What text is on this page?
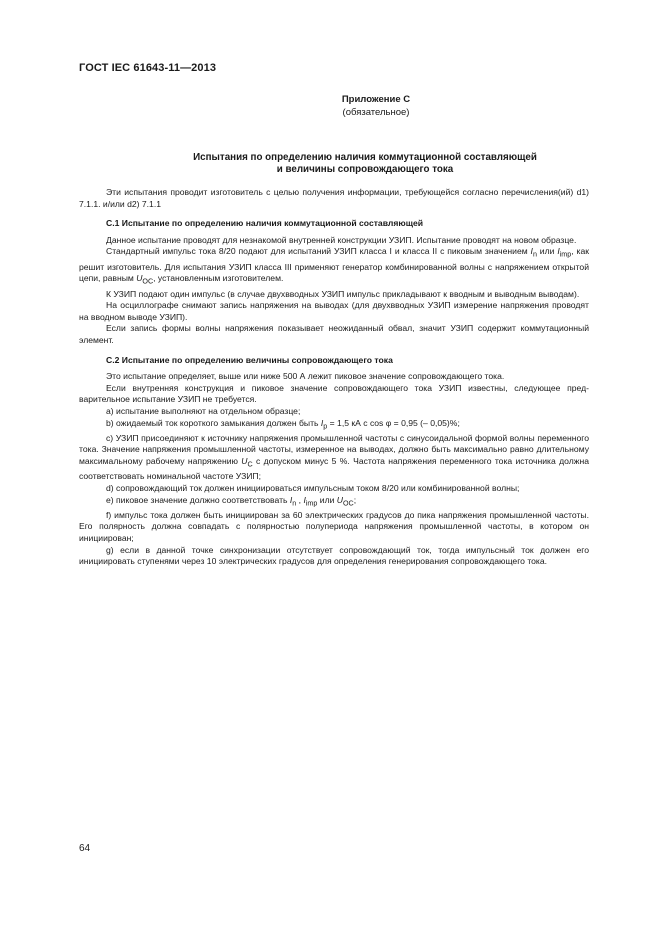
ГОСТ IEC 61643-11—2013
Приложение С
(обязательное)
Испытания по определению наличия коммутационной составляющей
и величины сопровождающего тока

Эти испытания проводит изготовитель с целью получения информации, требующейся согласно перечисления(ий) d1) 7.1.1. и/или d2) 7.1.1

С.1 Испытание по определению наличия коммутационной составляющей

Данное испытание проводят для незнакомой внутренней конструкции УЗИП. Испытание проводят на новом образце.

Стандартный импульс тока 8/20 подают для испытаний УЗИП класса I и класса II с пиковым значением $I_n$ или $I_{imp}$, как решит изготовитель. Для испытания УЗИП класса III применяют генератор комбинированной волны с напряжением открытой цепи, равным $U_{OC}$, установленным изготовителем.

К УЗИП подают один импульс (в случае двухвводных УЗИП импульс прикладывают к вводным и выводным выводам).

На осциллографе снимают запись напряжения на выводах (для двухвводных УЗИП измерение напряжения проводят на вводном выводе УЗИП).

Если запись формы волны напряжения показывает неожиданный обвал, значит УЗИП содержит коммутационный элемент.

С.2 Испытание по определению величины сопровождающего тока

Это испытание определяет, выше или ниже 500 А лежит пиковое значение сопровождающего тока.

Если внутренняя конструкция и пиковое значение сопровождающего тока УЗИП известны, следующее предварительное испытание УЗИП не требуется.

a) испытание выполняют на отдельном образце;

b) ожидаемый ток короткого замыкания должен быть $I_p = 1,5$ кА с cos φ = 0,95 (– 0,05)%;

c) УЗИП присоединяют к источнику напряжения промышленной частоты с синусоидальной формой волны переменного тока. Значение напряжения промышленной частоты, измеренное на выводах, должно быть максимально равно длительному максимальному рабочему напряжению $U_C$ с допуском минус 5 %. Частота напряжения переменного тока источника должна соответствовать номинальной частоте УЗИП;

d) сопровождающий ток должен инициироваться импульсным током 8/20 или комбинированной волны;

e) пиковое значение должно соответствовать $I_n$ , $I_{imp}$ или $U_{OC}$;

f) импульс тока должен быть инициирован за 60 электрических градусов до пика напряжения промышленной частоты. Его полярность должна совпадать с полярностью полупериода напряжения промышленной частоты, в котором он инициирован;

g) если в данной точке синхронизации отсутствует сопровождающий ток, тогда импульсный ток должен его инициировать ступенями через 10 электрических градусов для определения генерирования сопровождающего тока.

64
